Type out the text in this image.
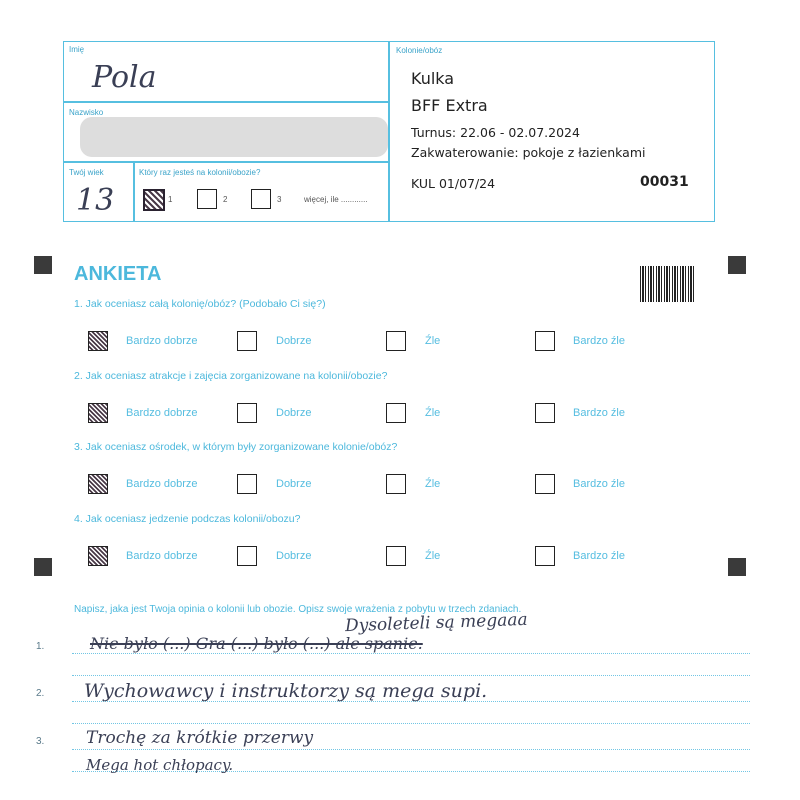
Imię
Pola
Nazwisko
Twój wiek
13
Który raz jesteś na kolonii/obozie?
1	2	3	więcej, ile ............
Kolonie/obóz
Kulka
BFF Extra
Turnus: 22.06 - 02.07.2024
Zakwaterowanie: pokoje z łazienkami
KUL 01/07/24	00031
ANKIETA
1. Jak oceniasz całą kolonię/obóz? (Podobało Ci się?)
Bardzo dobrze	Dobrze	Źle	Bardzo źle
2. Jak oceniasz atrakcje i zajęcia zorganizowane na kolonii/obozie?
Bardzo dobrze	Dobrze	Źle	Bardzo źle
3. Jak oceniasz ośrodek, w którym były zorganizowane kolonie/obóz?
Bardzo dobrze	Dobrze	Źle	Bardzo źle
4. Jak oceniasz jedzenie podczas kolonii/obozu?
Bardzo dobrze	Dobrze	Źle	Bardzo źle
Napisz, jaka jest Twoja opinia o kolonii lub obozie. Opisz swoje wrażenia z pobytu w trzech zdaniach.
1.
2.
3.
Dysoleteli są megaaa
Nie było (...) Gra (...) było (...) ale spanie.
Wychowawcy i instruktorzy są mega supi.
Trochę za krótkie przerwy
Mega hot chłopacy.
